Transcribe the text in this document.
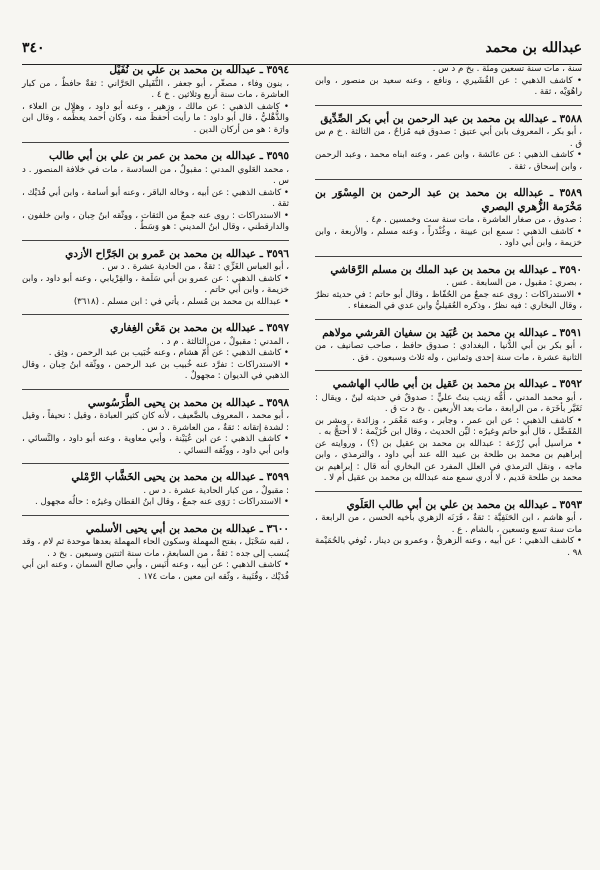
عبدالله بن محمد
٣٤٠
سنة ، مات سنة تسعين ومئة . بخ م د س .

• كاشف الذهبي : عن القُشَيري ، ونافع ، وعنه سعيد بن منصور ، وابن راهُوَيْه ، ثقة .

٣٥٨٨ ـ عبدالله بن محمد بن عبد الرحمن بن أبي بكر الصِّدِّيق
، أبو بكر ، المعروف بابن أبي عتيق : صدوق فيه مُزاحٌ ، من الثالثة . خ م س ق .

• كاشف الذهبي : عن عائشة ، وابن عمر ، وعنه ابناه محمد ، وعبد الرحمن ، وابن إسحاق ، ثقة .

٣٥٨٩ ـ عبدالله بن محمد بن عبد الرحمن بن المِسْوَر بن مَخْرَمة الزُّهري البصري
: صدوق ، من صغار العاشرة ، مات سنة ست وخمسين . م٤ .

• كاشف الذهبي : سمع ابن عيينة ، وغُنْدَراً ، وعنه مسلم ، والأربعة ، وابن خزيمة ، وابن أبي داود .

٣٥٩٠ ـ عبدالله بن محمد بن عبد الملك بن مسلم الرَّقاشي
، بصري : مقبول ، من السابعة . عس .

• الاستدراكات : روى عنه جمعٌ من الحُفّاظ ، وقال أبو حاتم : في حديثه نظرٌ ، وقال البخاري : فيه نظرٌ ، وذكره العُقيليُّ وابن عدي في الضعفاء .

٣٥٩١ ـ عبدالله بن محمد بن عُبَيد بن سفيان القرشي مولاهم
، أبو بكر بن أبي الدُّنيا ، البغدادي : صدوق حافظ ، صاحب تصانيف ، من الثانية عشرة ، مات سنة إحدى وثمانين ، وله ثلاث وسبعون . فق .
٣٥٩٢ ـ عبدالله بن محمد بن عَقيل بن أبي طالب الهاشمي
، أبو محمد المدني ، أُمُّه زينب بنتُ عليٍّ : صدوقٌ في حديثه لينٌ ، ويقال : تَغَيَّر بأخَرَة ، من الرابعة ، مات بعد الأربعين . بخ د ت ق .

• كاشف الذهبي : عن ابن عمر ، وجابر ، وعنه مَعْمَر ، وزائدة ، وبشر بن المُفَضَّل ، قال أبو حاتم وغيرُه : ليِّن الحديث ، وقال ابن خُزَيْمة : لا أَحتجُّ به .

• مراسيل أبي زُرْعة : عبدالله بن محمد بن عقيل بن (؟) ، وروايته عن إبراهيم بن محمد بن طلحة بن عبيد الله عند أبي داود ، والترمذي ، وابن ماجه ، ونقل الترمذي في العلل المفرد عن البخاري أنه قال : إبراهيم بن محمد بن طلحة قديم ، لا أدري سمع منه عبدالله بن محمد بن عقيل أم لا .

٣٥٩٣ ـ عبدالله بن محمد بن علي بن أبي طالب العَلَوي
، أبو هاشم ، ابن الحَنَفِيَّة : ثقةٌ ، قَرَنَه الزهري بأخيه الحسن ، من الرابعة ، مات سنة تسع وتسعين ، بالشام . ع .

• كاشف الذهبي : عن أبيه ، وعنه الزهريُّ ، وعمرو بن دينار ، تُوفي بالحُمَيْمة ٩٨ .

٣٥٩٤ ـ عبدالله بن محمد بن علي بن نُفَيْل
، بنون وفاء ، مصغّر ، أبو جعفر ، النُّفَيلي الحَرَّاني : ثقةٌ حافظٌ ، من كبار العاشرة ، مات سنة أربع وثلاثين . خ ٤ .

• كاشف الذهبي : عن مالك ، وزهير ، وعنه أبو داود ، وهلال بن العلاء ، والذُّهْليُّ ، قال أبو داود : ما رأيت أحفظَ منه ، وكان أحمد يعظِّمه ، وقال ابن وارَة : هو من أركان الدين .

٣٥٩٥ ـ عبدالله بن محمد بن عمر بن علي بن أبي طالب
، محمد العَلوي المدني : مقبولٌ ، من السادسة ، مات في خلافة المنصور . د س .

• كاشف الذهبي : عن أبيه ، وخاله الباقر ، وعنه أبو أسامة ، وابن أبي فُدَيْك ، ثقة .

• الاستدراكات : روى عنه جمعٌ من الثقات ، ووثّقه ابنُ حِبان ، وابن خلفون ، والدارقطني ، وقال ابنُ المديني : هو وَسَطٌ .

٣٥٩٦ ـ عبدالله بن محمد بن عَمرو بن الجَرَّاح الأزدي
، أبو العباس الغَزِّي : ثقةٌ ، من الحادية عشرة . د س .

• كاشف الذهبي : عن عمرو بن أبي سَلَمة ، والفِرْيابي ، وعنه أبو داود ، وابن خزيمة ، وابن أبي حاتم .

• عبدالله بن محمد بن مُسلم ، يأتي في : ابن مسلم . (٣٦١٨)

٣٥٩٧ ـ عبدالله بن محمد بن مَعْن الغِفاري
، المدني : مقبولٌ ، من الثالثة . م د .

• كاشف الذهبي : عن أُمّ هشام ، وعنه خُبَيب بن عبد الرحمن ، وثِق .

• الاستدراكات : تفرَّد عنه خُبيب بن عبد الرحمن ، ووثّقه ابنُ حِبان ، وقال الذهبي في الديوان : مجهولٌ .

٣٥٩٨ ـ عبدالله بن محمد بن يحيى الطَّرَسُوسي
، أبو محمد ، المعروف بالضَّعيف ، لأنه كان كثير العبادة ، وقيل : نحيفاً ، وقيل : لشدة إتقانه : ثقةٌ ، من العاشرة . د س .

• كاشف الذهبي : عن ابن عُيَيْنة ، وأبي معاوية ، وعنه أبو داود ، والنَّسائي ، وابن أبي داود ، ووثّقه النسائي .

٣٥٩٩ ـ عبدالله بن محمد بن يحيى الخَشَّاب الرَّمْلي
: مقبولٌ ، من كبار الحادية عشرة . د س .

• الاستدراكات : رَوَى عنه جمعٌ ، وقال ابنُ القطان وغيرُه : حالُه مجهول .

٣٦٠٠ ـ عبدالله بن محمد بن أبي يحيى الأسلمي
، لقبه سَحْبَل ، بفتح المهملة وسكون الحاء المهملة بعدها موحدة ثم لام ، وقد يُنسب إلى جده : ثقةٌ ، من السابعة ، مات سنة اثنتين وسبعين . بخ د .

• كاشف الذهبي : عن أبيه ، وعنه أُنَيس ، وأبي صالح السمان ، وعنه ابن أبي فُدَيْك ، وقُتَيبة ، وثّقه ابن معين ، مات ١٧٤ .
